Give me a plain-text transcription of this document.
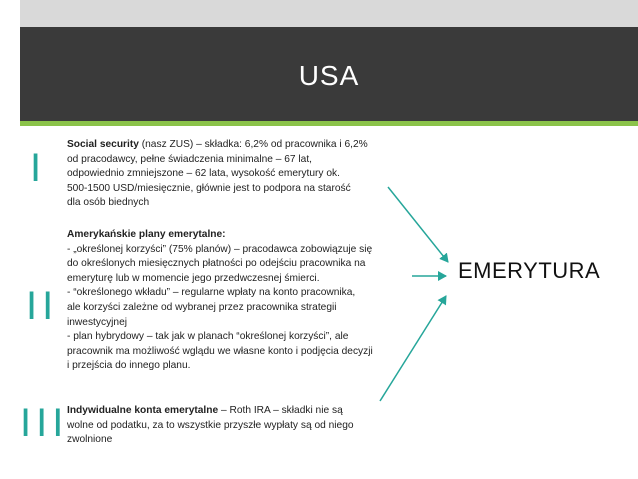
USA
I
II
III

Social security (nasz ZUS) – składka: 6,2% od pracownika i 6,2%

od pracodawcy, pełne świadczenia minimalne – 67 lat,

odpowiednio zmniejszone – 62 lata, wysokość emerytury ok.

500-1500 USD/miesięcznie, głównie jest to podpora na starość

dla osób biednych

Amerykańskie plany emerytalne:

- „określonej korzyści” (75% planów) – pracodawca zobowiązuje się

do określonych miesięcznych płatności po odejściu pracownika na

emeryturę lub w momencie jego przedwczesnej śmierci.

- “określonego wkładu” – regularne wpłaty na konto pracownika,

ale korzyści zależne od wybranej przez pracownika strategii

inwestycyjnej

- plan hybrydowy – tak jak w planach “określonej korzyści”, ale

pracownik ma możliwość wglądu we własne konto i podjęcia decyzji

i przejścia do innego planu.

Indywidualne konta emerytalne – Roth IRA – składki nie są

wolne od podatku, za to wszystkie przyszłe wypłaty są od niego

zwolnione

EMERYTURA
